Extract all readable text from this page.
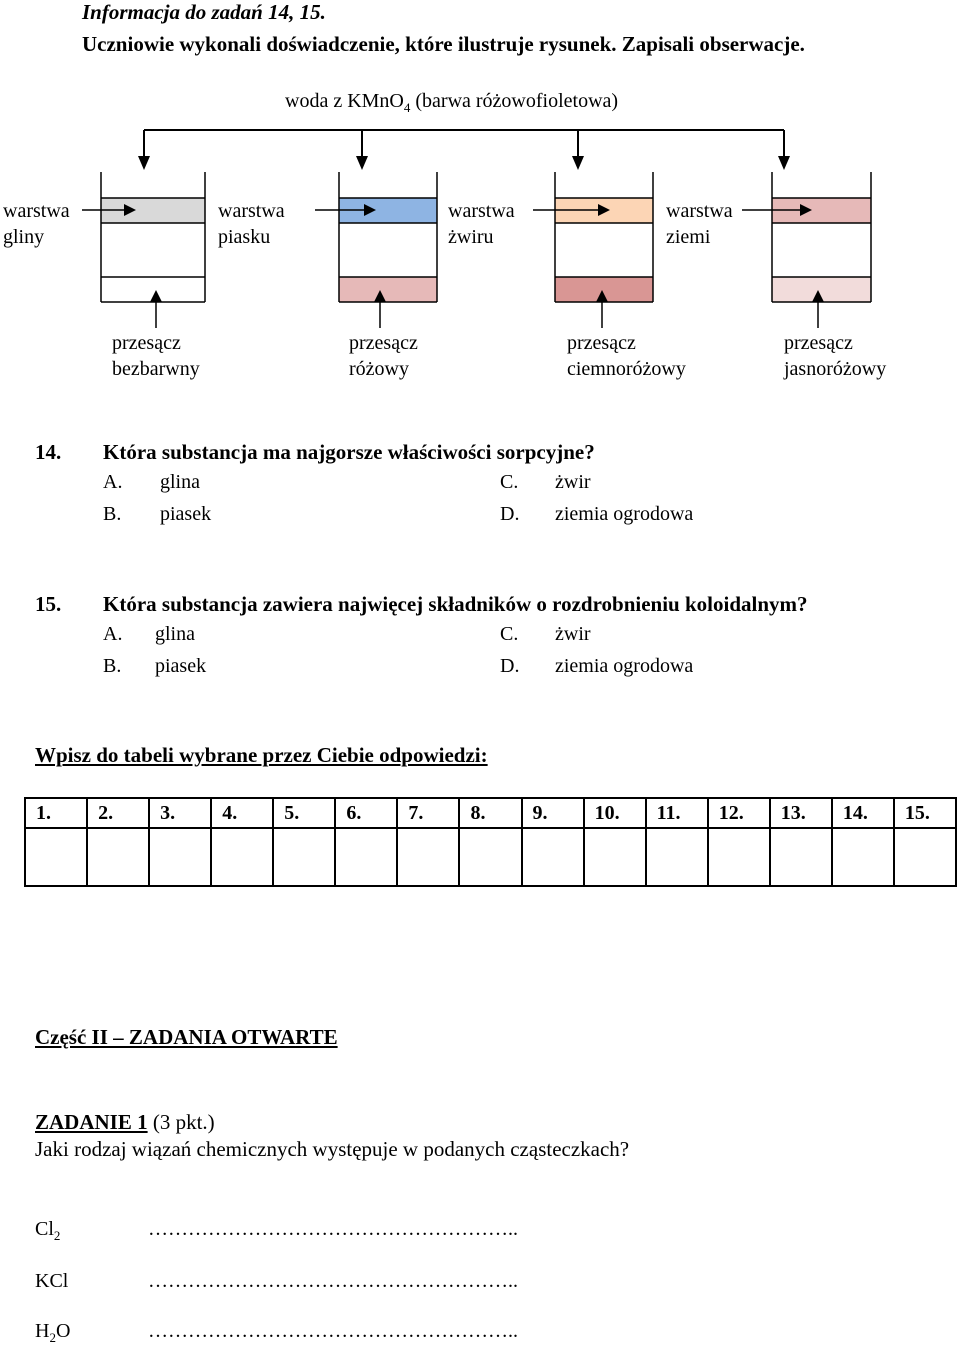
Informacja do zadań 14, 15.
Uczniowie wykonali doświadczenie, które ilustruje rysunek. Zapisali obserwacje.
woda z KMnO$_4$ (barwa różowofioletowa)
warstwa
gliny
warstwa
piasku
warstwa
żwiru
warstwa
ziemi
przesącz
bezbarwny
przesącz
różowy
przesącz
ciemnoróżowy
przesącz
jasnoróżowy
14. Która substancja ma najgorsze właściwości sorpcyjne?
A. glina	C. żwir
B. piasek	D. ziemia ogrodowa
15. Która substancja zawiera najwięcej składników o rozdrobnieniu koloidalnym?
A. glina	C. żwir
B. piasek	D. ziemia ogrodowa
Wpisz do tabeli wybrane przez Ciebie odpowiedzi:
1.	2.	3.	4.	5.	6.	7.	8.	9.	10.	11.	12.	13.	14.	15.

Część II – ZADANIA OTWARTE
ZADANIE 1 (3 pkt.)
Jaki rodzaj wiązań chemicznych występuje w podanych cząsteczkach?
$Cl_2$	………………………………………………..
KCl	………………………………………………..
$H_2O$	………………………………………………..
